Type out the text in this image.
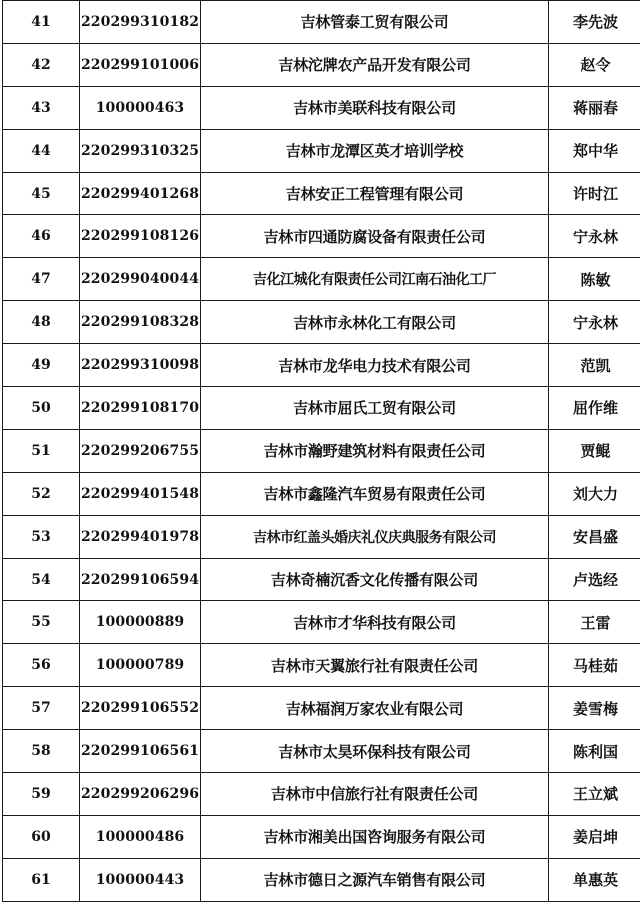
41	220299310182	吉林管泰工贸有限公司	李先波
42	220299101006	吉林沱牌农产品开发有限公司	赵令
43	100000463	吉林市美联科技有限公司	蒋丽春
44	220299310325	吉林市龙潭区英才培训学校	郑中华
45	220299401268	吉林安正工程管理有限公司	许时江
46	220299108126	吉林市四通防腐设备有限责任公司	宁永林
47	220299040044	吉化江城化有限责任公司江南石油化工厂	陈敏
48	220299108328	吉林市永林化工有限公司	宁永林
49	220299310098	吉林市龙华电力技术有限公司	范凯
50	220299108170	吉林市屈氏工贸有限公司	屈作维
51	220299206755	吉林市瀚野建筑材料有限责任公司	贾鲲
52	220299401548	吉林市鑫隆汽车贸易有限责任公司	刘大力
53	220299401978	吉林市红盖头婚庆礼仪庆典服务有限公司	安昌盛
54	220299106594	吉林奇楠沉香文化传播有限公司	卢选经
55	100000889	吉林市才华科技有限公司	王雷
56	100000789	吉林市天翼旅行社有限责任公司	马桂茹
57	220299106552	吉林福润万家农业有限公司	姜雪梅
58	220299106561	吉林市太昊环保科技有限公司	陈利国
59	220299206296	吉林市中信旅行社有限责任公司	王立斌
60	100000486	吉林市湘美出国咨询服务有限公司	姜启坤
61	100000443	吉林市德日之源汽车销售有限公司	单惠英
